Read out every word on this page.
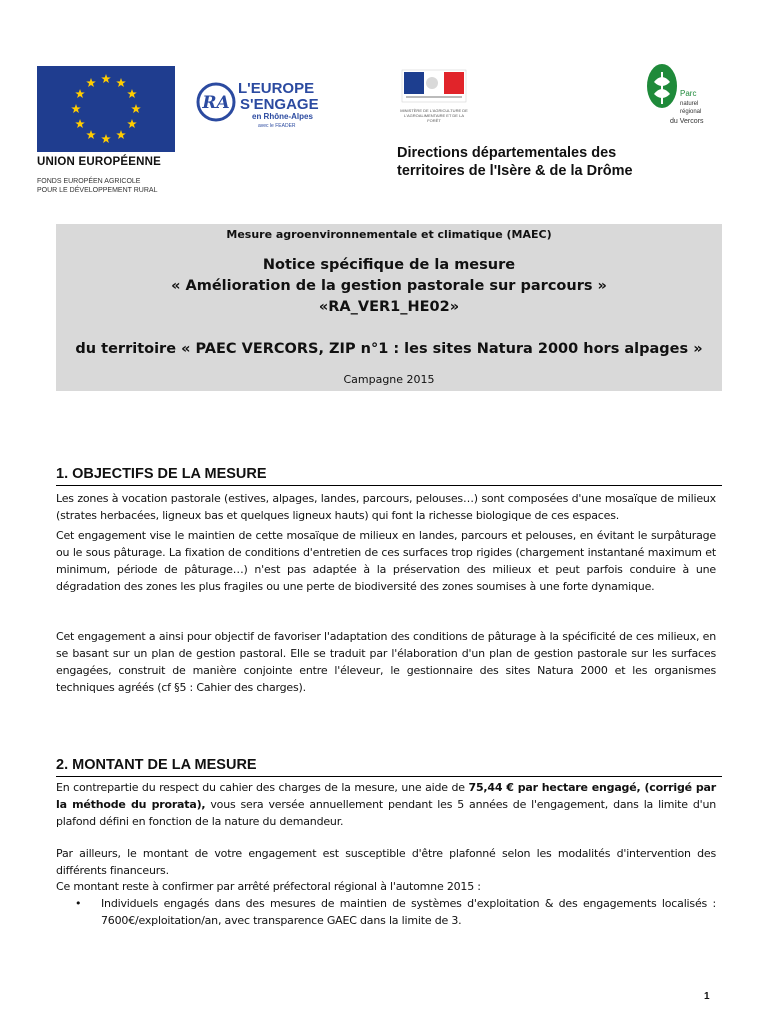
UNION EUROPÉENNE
FONDS EUROPÉEN AGRICOLE
POUR LE DÉVELOPPEMENT RURAL
RA
L'EUROPE
S'ENGAGE
en Rhône-Alpes
avec le FEADER
MINISTÈRE DE L'AGRICULTURE DE L'AGROALIMENTAIRE ET DE LA FORÊT
Parc
naturel
régional
du Vercors
Directions départementales des
territoires de l'Isère & de la Drôme
Mesure agroenvironnementale et climatique (MAEC)
Notice spécifique de la mesure
« Amélioration de la gestion pastorale sur parcours »
«RA_VER1_HE02»
du territoire « PAEC VERCORS, ZIP n°1 : les sites Natura 2000 hors alpages »
Campagne 2015
1. OBJECTIFS DE LA MESURE
Les zones à vocation pastorale (estives, alpages, landes, parcours, pelouses…) sont composées d'une mosaïque de milieux (strates herbacées, ligneux bas et quelques ligneux hauts) qui font la richesse biologique de ces espaces.
Cet engagement vise le maintien de cette mosaïque de milieux en landes, parcours et pelouses, en évitant le surpâturage ou le sous pâturage. La fixation de conditions d'entretien de ces surfaces trop rigides (chargement instantané maximum et minimum, période de pâturage…) n'est pas adaptée à la préservation des milieux et peut parfois conduire à une dégradation des zones les plus fragiles ou une perte de biodiversité des zones soumises à une forte dynamique.
Cet engagement a ainsi pour objectif de favoriser l'adaptation des conditions de pâturage à la spécificité de ces milieux, en se basant sur un plan de gestion pastoral. Elle se traduit par l'élaboration d'un plan de gestion pastorale sur les surfaces engagées, construit de manière conjointe entre l'éleveur, le gestionnaire des sites Natura 2000 et les organismes techniques agréés (cf §5 : Cahier des charges).
2. MONTANT DE LA MESURE
En contrepartie du respect du cahier des charges de la mesure, une aide de 75,44 € par hectare engagé, (corrigé par la méthode du prorata), vous sera versée annuellement pendant les 5 années de l'engagement, dans la limite d'un plafond défini en fonction de la nature du demandeur.
Par ailleurs, le montant de votre engagement est susceptible d'être plafonné selon les modalités d'intervention des différents financeurs.
Ce montant reste à confirmer par arrêté préfectoral régional à l'automne 2015 :
• Individuels engagés dans des mesures de maintien de systèmes d'exploitation & des engagements localisés : 7600€/exploitation/an, avec transparence GAEC dans la limite de 3.
1
